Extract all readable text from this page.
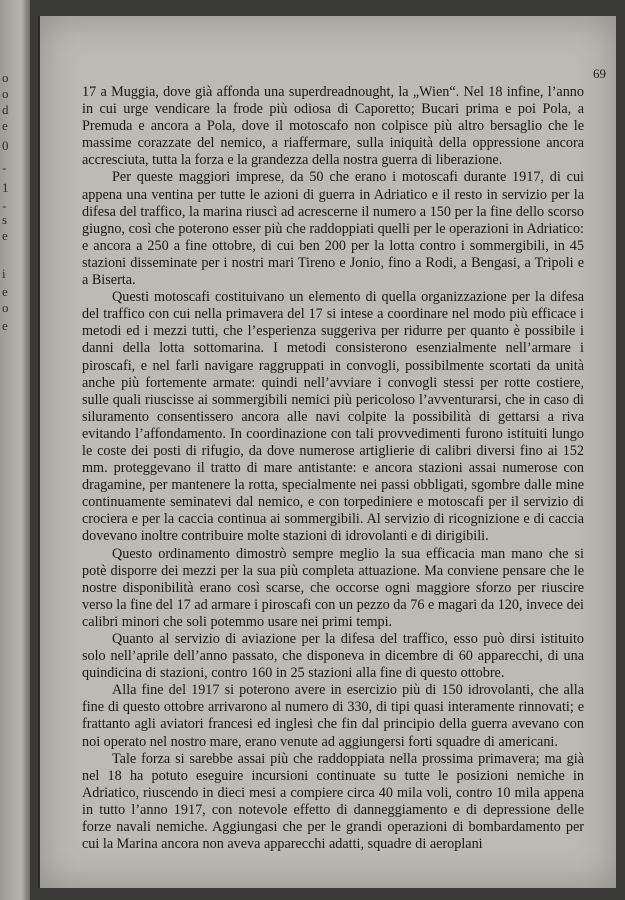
o
o
d
e
0
-
1
-
s
e
i
e
o
e
69

17 a Muggia, dove già affonda una superdreadnought, la „Wien“. Nel 18 infine, l’anno in cui urge vendicare la frode più odiosa di Caporetto; Bucari prima e poi Pola, a Premuda e ancora a Pola, dove il motoscafo non colpisce più altro bersaglio che le massime corazzate del nemico, a riaffermare, sulla iniquità della oppressione ancora accresciuta, tutta la forza e la grandezza della nostra guerra di liberazione.

Per queste maggiori imprese, da 50 che erano i motoscafi durante 1917, di cui appena una ventina per tutte le azioni di guerra in Adriatico e il resto in servizio per la difesa del traffico, la marina riuscì ad acrescerne il numero a 150 per la fine dello scorso giugno, così che poterono esser più che raddoppiati quelli per le operazioni in Adriatico: e ancora a 250 a fine ottobre, di cui ben 200 per la lotta contro i sommergibili, in 45 stazioni disseminate per i nostri mari Tireno e Jonio, fino a Rodi, a Bengasi, a Tripoli e a Biserta.

Questi motoscafi costituivano un elemento di quella organizzazione per la difesa del traffico con cui nella primavera del 17 si intese a coordinare nel modo più efficace i metodi ed i mezzi tutti, che l’esperienza suggeriva per ridurre per quanto è possibile i danni della lotta sottomarina. I metodi consisterono esenzialmente nell’armare i piroscafi, e nel farli navigare raggruppati in convogli, possibilmente scortati da unità anche più fortemente armate: quindi nell’avviare i convogli stessi per rotte costiere, sulle quali riuscisse ai sommergibili nemici più pericoloso l’avventurarsi, che in caso di siluramento consentissero ancora alle navi colpite la possibilità di gettarsi a riva evitando l’affondamento. In coordinazione con tali provvedimenti furono istituiti lungo le coste dei posti di rifugio, da dove numerose artiglierie di calibri diversi fino ai 152 mm. proteggevano il tratto di mare antistante: e ancora stazioni assai numerose con dragamine, per mantenere la rotta, specialmente nei passi obbligati, sgombre dalle mine continuamente seminatevi dal nemico, e con torpediniere e motoscafi per il servizio di crociera e per la caccia continua ai sommergibili. Al servizio di ricognizione e di caccia dovevano inoltre contribuire molte stazioni di idrovolanti e di dirigibili.

Questo ordinamento dimostrò sempre meglio la sua efficacia man mano che si potè disporre dei mezzi per la sua più completa attuazione. Ma conviene pensare che le nostre disponibilità erano così scarse, che occorse ogni maggiore sforzo per riuscire verso la fine del 17 ad armare i piroscafi con un pezzo da 76 e magari da 120, invece dei calibri minori che soli potemmo usare nei primi tempi.

Quanto al servizio di aviazione per la difesa del traffico, esso può dirsi istituito solo nell’aprile dell’anno passato, che disponeva in dicembre di 60 apparecchi, di una quindicina di stazioni, contro 160 in 25 stazioni alla fine di questo ottobre.

Alla fine del 1917 si poterono avere in esercizio più di 150 idrovolanti, che alla fine di questo ottobre arrivarono al numero di 330, di tipi quasi interamente rinnovati; e frattanto agli aviatori francesi ed inglesi che fin dal principio della guerra avevano con noi operato nel nostro mare, erano venute ad aggiungersi forti squadre di americani.

Tale forza si sarebbe assai più che raddoppiata nella prossima primavera; ma già nel 18 ha potuto eseguire incursioni continuate su tutte le posizioni nemiche in Adriatico, riuscendo in dieci mesi a compiere circa 40 mila voli, contro 10 mila appena in tutto l’anno 1917, con notevole effetto di danneggiamento e di depressione delle forze navali nemiche. Aggiungasi che per le grandi operazioni di bombardamento per cui la Marina ancora non aveva apparecchi adatti, squadre di aeroplani
